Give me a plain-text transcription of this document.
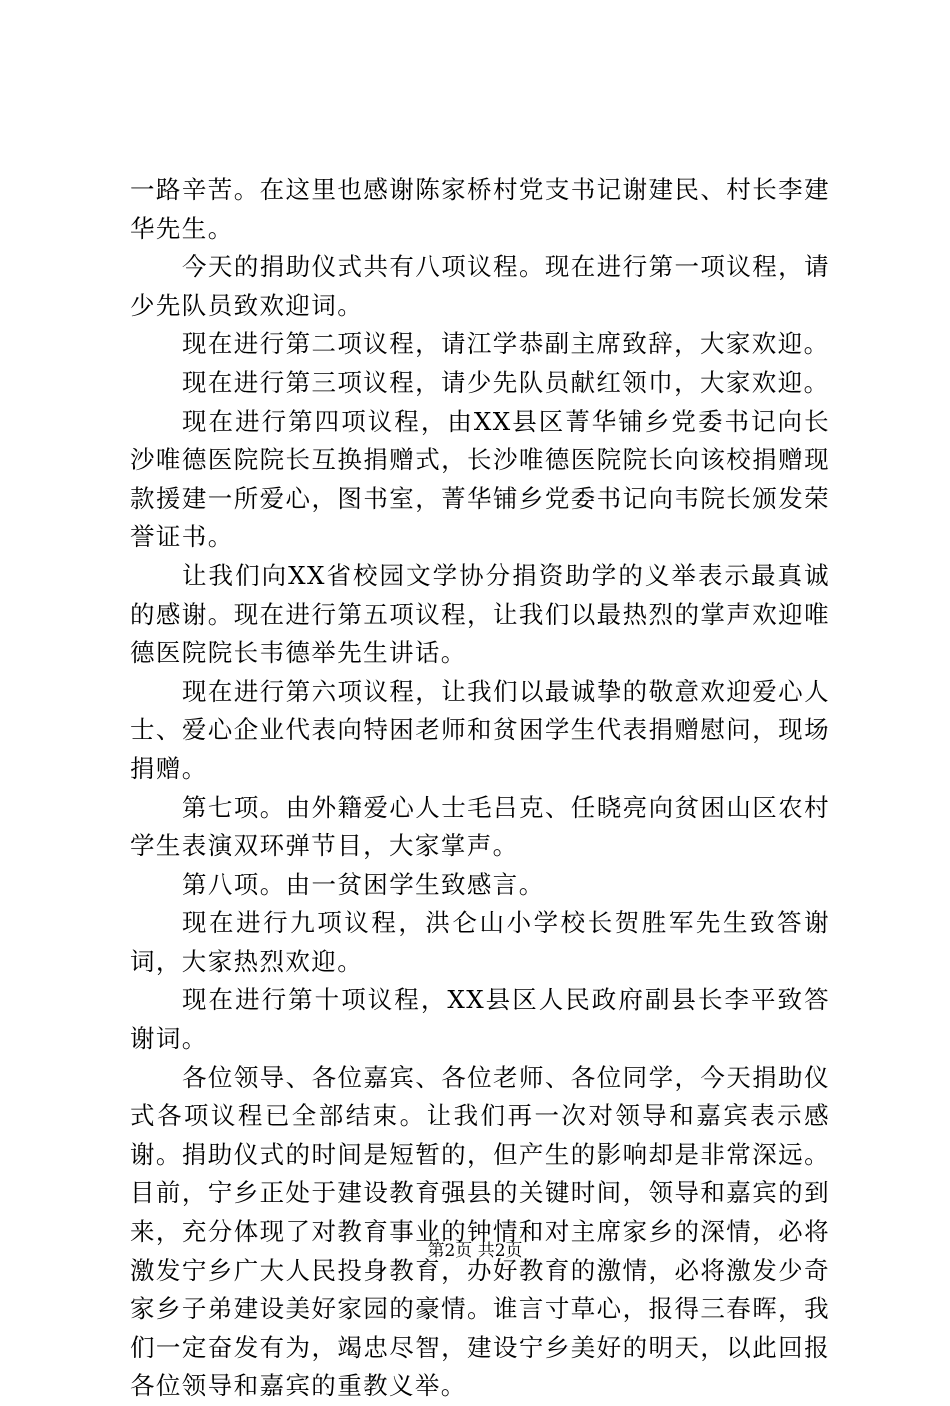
一路辛苦。在这里也感谢陈家桥村党支书记谢建民、村长李建华先生。

今天的捐助仪式共有八项议程。现在进行第一项议程，请少先队员致欢迎词。

现在进行第二项议程，请江学恭副主席致辞，大家欢迎。

现在进行第三项议程，请少先队员献红领巾，大家欢迎。

现在进行第四项议程，由XX县区菁华铺乡党委书记向长沙唯德医院院长互换捐赠式，长沙唯德医院院长向该校捐赠现款援建一所爱心，图书室，菁华铺乡党委书记向韦院长颁发荣誉证书。

让我们向XX省校园文学协分捐资助学的义举表示最真诚的感谢。现在进行第五项议程，让我们以最热烈的掌声欢迎唯德医院院长韦德举先生讲话。

现在进行第六项议程，让我们以最诚挚的敬意欢迎爱心人士、爱心企业代表向特困老师和贫困学生代表捐赠慰问，现场捐赠。

第七项。由外籍爱心人士毛吕克、任晓亮向贫困山区农村学生表演双环弹节目，大家掌声。

第八项。由一贫困学生致感言。

现在进行九项议程，洪仑山小学校长贺胜军先生致答谢词，大家热烈欢迎。

现在进行第十项议程，XX县区人民政府副县长李平致答谢词。

各位领导、各位嘉宾、各位老师、各位同学，今天捐助仪式各项议程已全部结束。让我们再一次对领导和嘉宾表示感谢。捐助仪式的时间是短暂的，但产生的影响却是非常深远。目前，宁乡正处于建设教育强县的关键时间，领导和嘉宾的到来，充分体现了对教育事业的钟情和对主席家乡的深情，必将激发宁乡广大人民投身教育，办好教育的激情，必将激发少奇家乡子弟建设美好家园的豪情。谁言寸草心，报得三春晖，我们一定奋发有为，竭忠尽智，建设宁乡美好的明天，以此回报各位领导和嘉宾的重教义举。

第2页 共2页
